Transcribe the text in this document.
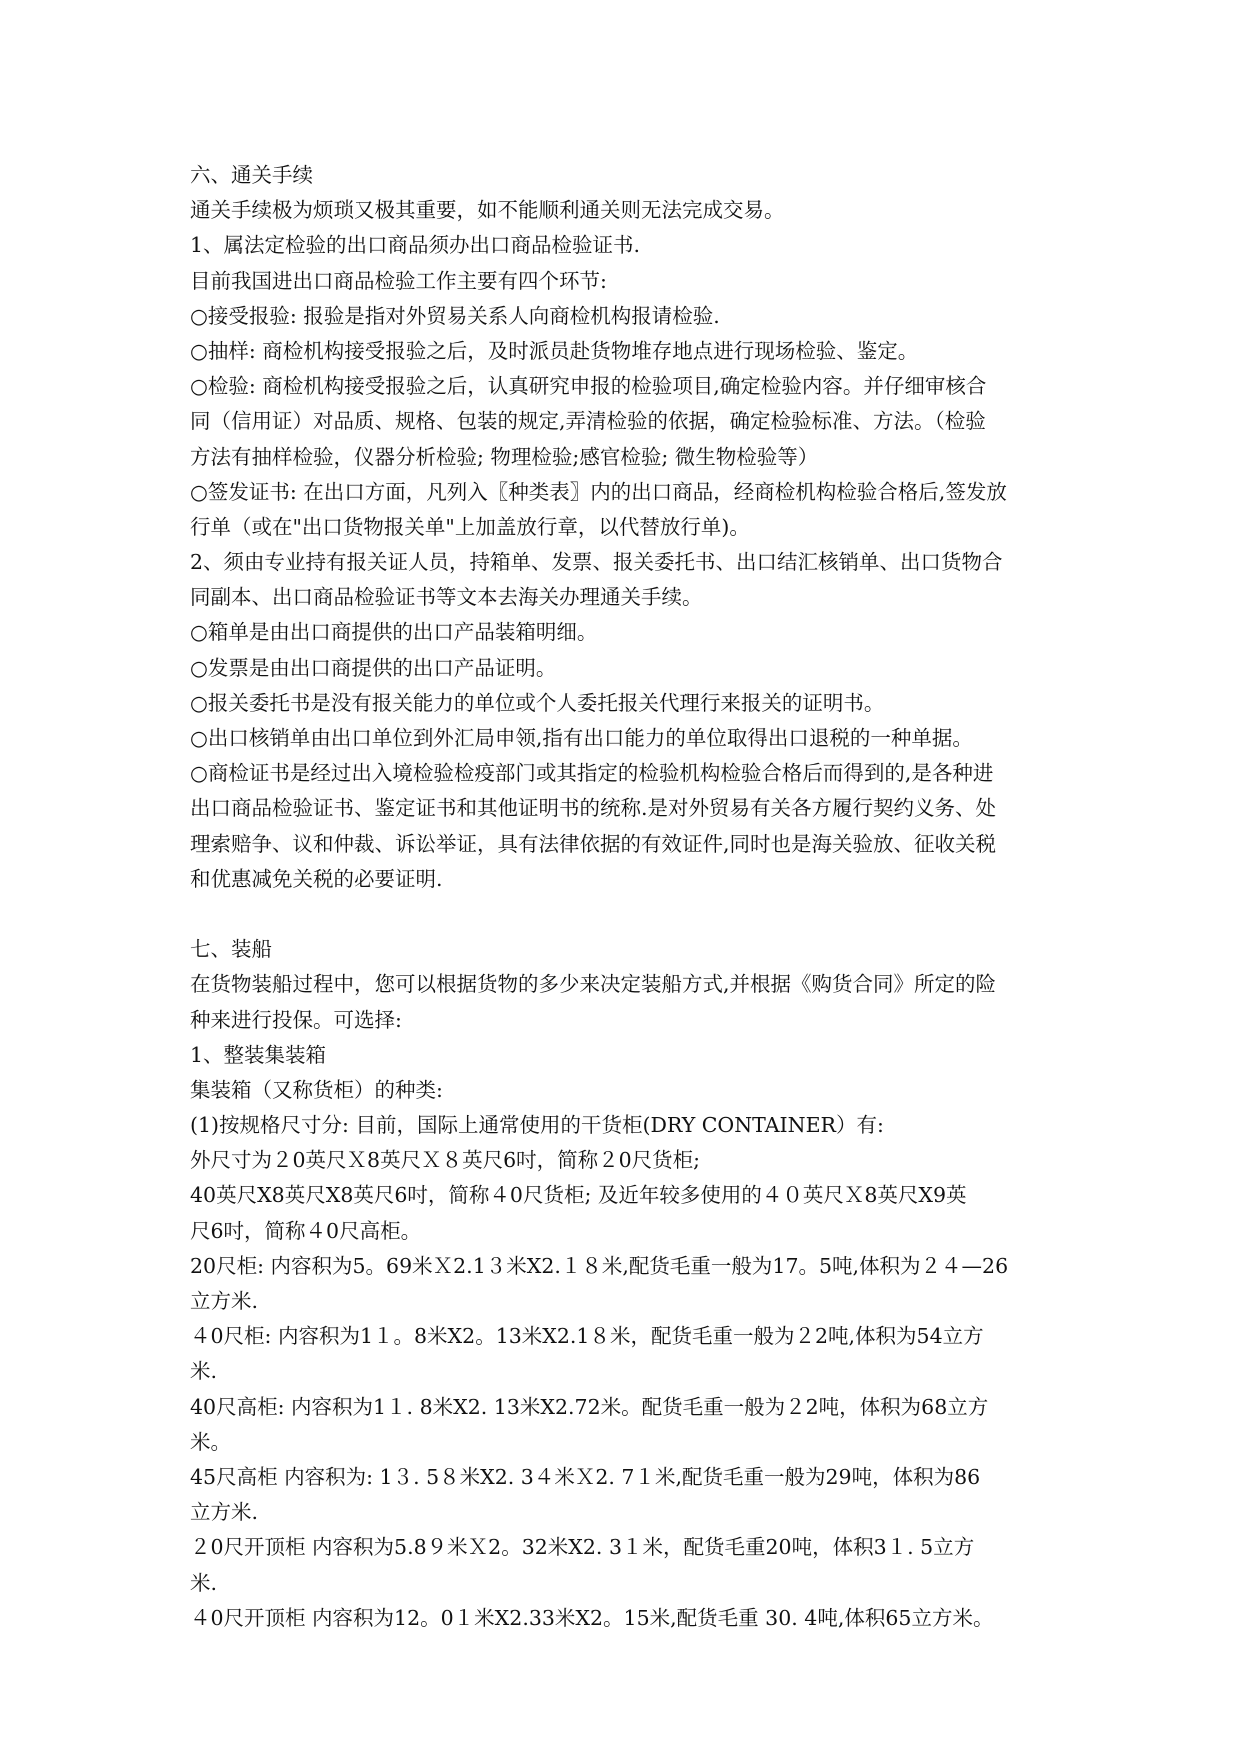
六、通关手续
通关手续极为烦琐又极其重要，如不能顺利通关则无法完成交易。
1、属法定检验的出口商品须办出口商品检验证书.
目前我国进出口商品检验工作主要有四个环节:
○接受报验: 报验是指对外贸易关系人向商检机构报请检验.
○抽样: 商检机构接受报验之后，及时派员赴货物堆存地点进行现场检验、鉴定。
○检验: 商检机构接受报验之后，认真研究申报的检验项目,确定检验内容。并仔细审核合
同（信用证）对品质、规格、包装的规定,弄清检验的依据，确定检验标准、方法。（检验
方法有抽样检验，仪器分析检验; 物理检验;感官检验; 微生物检验等）
○签发证书: 在出口方面，凡列入〖种类表〗内的出口商品，经商检机构检验合格后,签发放
行单（或在"出口货物报关单"上加盖放行章，以代替放行单)。
2、须由专业持有报关证人员，持箱单、发票、报关委托书、出口结汇核销单、出口货物合
同副本、出口商品检验证书等文本去海关办理通关手续。
○箱单是由出口商提供的出口产品装箱明细。
○发票是由出口商提供的出口产品证明。
○报关委托书是没有报关能力的单位或个人委托报关代理行来报关的证明书。
○出口核销单由出口单位到外汇局申领,指有出口能力的单位取得出口退税的一种单据。
○商检证书是经过出入境检验检疫部门或其指定的检验机构检验合格后而得到的,是各种进
出口商品检验证书、鉴定证书和其他证明书的统称.是对外贸易有关各方履行契约义务、处
理索赔争、议和仲裁、诉讼举证，具有法律依据的有效证件,同时也是海关验放、征收关税
和优惠减免关税的必要证明.
七、装船
在货物装船过程中，您可以根据货物的多少来决定装船方式,并根据《购货合同》所定的险
种来进行投保。可选择:
1、整装集装箱
集装箱（又称货柜）的种类:
(1)按规格尺寸分: 目前，国际上通常使用的干货柜(DRY CONTAINER）有:
外尺寸为２0英尺Ｘ8英尺Ｘ８英尺6吋，简称２0尺货柜;
40英尺X8英尺X8英尺6吋，简称４0尺货柜; 及近年较多使用的４０英尺Ｘ8英尺X9英
尺6吋，简称４0尺高柜。
20尺柜: 内容积为5。69米Ｘ2.1３米X2.１８米,配货毛重一般为17。5吨,体积为２４—26
立方米.
４0尺柜: 内容积为1１。8米X2。13米X2.1８米，配货毛重一般为２2吨,体积为54立方
米.
40尺高柜: 内容积为1１. 8米X2. 13米X2.72米。配货毛重一般为２2吨，体积为68立方
米。
45尺高柜 内容积为: 1３. 5８米X2. 3４米Ｘ2. 7１米,配货毛重一般为29吨，体积为86
立方米.
２0尺开顶柜 内容积为5.8９米Ｘ2。32米X2. 3１米，配货毛重20吨，体积3１. 5立方
米.
４0尺开顶柜 内容积为12。0１米X2.33米X2。15米,配货毛重 30. 4吨,体积65立方米。
